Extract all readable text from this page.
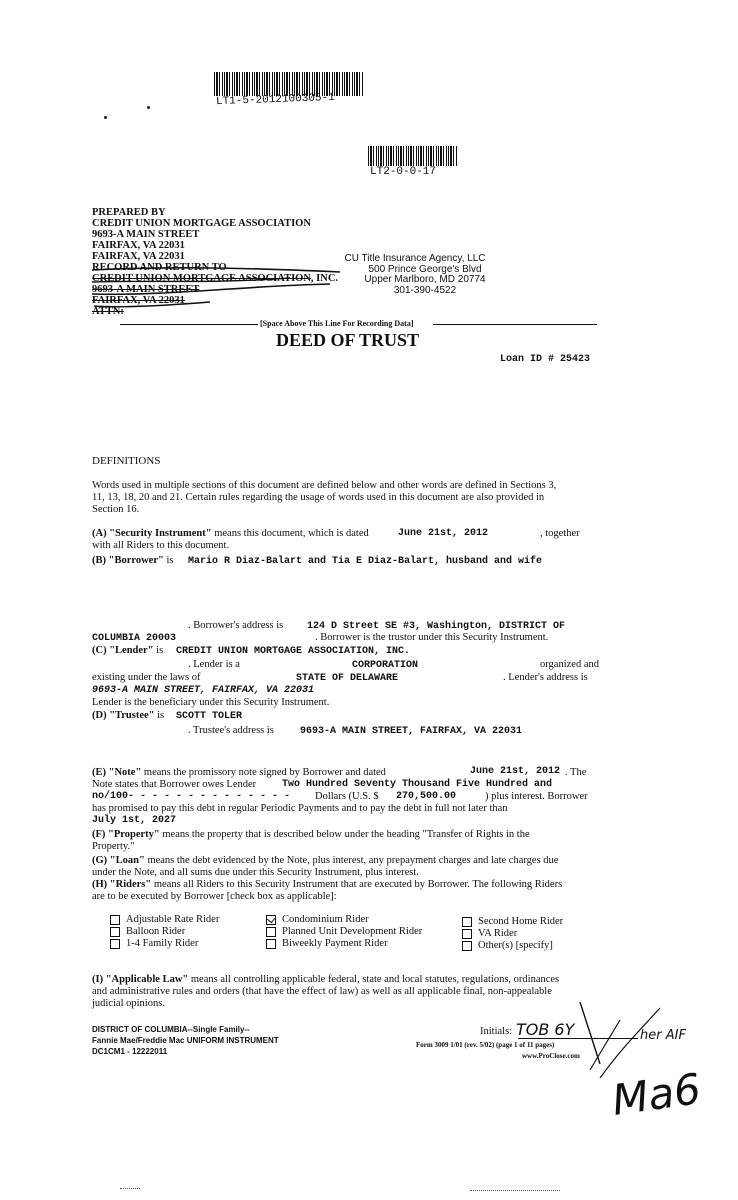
LT1-5-2012100305-1
LT2-0-0-17
PREPARED BY
CREDIT UNION MORTGAGE ASSOCIATION
9693-A MAIN STREET
FAIRFAX, VA 22031
FAIRFAX, VA 22031
RECORD AND RETURN TO
CREDIT UNION MORTGAGE ASSOCIATION, INC.
9693-A MAIN STREET
FAIRFAX, VA 22031
ATTN:
CU Title Insurance Agency, LLC
500 Prince George's Blvd
Upper Marlboro, MD 20774
301-390-4522
[Space Above This Line For Recording Data]
DEED OF TRUST
Loan ID # 25423
DEFINITIONS
Words used in multiple sections of this document are defined below and other words are defined in Sections 3,
11, 13, 18, 20 and 21. Certain rules regarding the usage of words used in this document are also provided in
Section 16.
(A) "Security Instrument" means this document, which is dated	June 21st, 2012	, together
with all Riders to this document.
(B) "Borrower" is Mario R Diaz-Balart and Tia E Diaz-Balart, husband and wife
. Borrower's address is 124 D Street SE #3, Washington, DISTRICT OF
COLUMBIA 20003	. Borrower is the trustor under this Security Instrument.
(C) "Lender" is CREDIT UNION MORTGAGE ASSOCIATION, INC.
. Lender is a	CORPORATION	organized and
existing under the laws of	STATE OF DELAWARE	. Lender's address is
9693-A MAIN STREET, FAIRFAX, VA 22031
Lender is the beneficiary under this Security Instrument.
(D) "Trustee" is SCOTT TOLER
. Trustee's address is	9693-A MAIN STREET, FAIRFAX, VA 22031
(E) "Note" means the promissory note signed by Borrower and dated	June 21st, 2012 . The
Note states that Borrower owes Lender	Two Hundred Seventy Thousand Five Hundred and
no/100- - - - - - - - - - - - - - Dollars (U.S. $ 270,500.00	) plus interest. Borrower
has promised to pay this debt in regular Periodic Payments and to pay the debt in full not later than
July 1st, 2027
(F) "Property" means the property that is described below under the heading "Transfer of Rights in the
Property."
(G) "Loan" means the debt evidenced by the Note, plus interest, any prepayment charges and late charges due
under the Note, and all sums due under this Security Instrument, plus interest.
(H) "Riders" means all Riders to this Security Instrument that are executed by Borrower. The following Riders
are to be executed by Borrower [check box as applicable]:
Adjustable Rate Rider
Balloon Rider
1-4 Family Rider
Condominium Rider
Planned Unit Development Rider
Biweekly Payment Rider
Second Home Rider
VA Rider
Other(s) [specify]
(I) "Applicable Law" means all controlling applicable federal, state and local statutes, regulations, ordinances
and administrative rules and orders (that have the effect of law) as well as all applicable final, non-appealable
judicial opinions.
DISTRICT OF COLUMBIA--Single Family--
Fannie Mae/Freddie Mac UNIFORM INSTRUMENT
DC1CM1 - 12222011
Initials: TOB 6Y	her AIF
Form 3009 1/01 (rev. 5/02) (page 1 of 11 pages)
www.ProClose.com
Ma6
